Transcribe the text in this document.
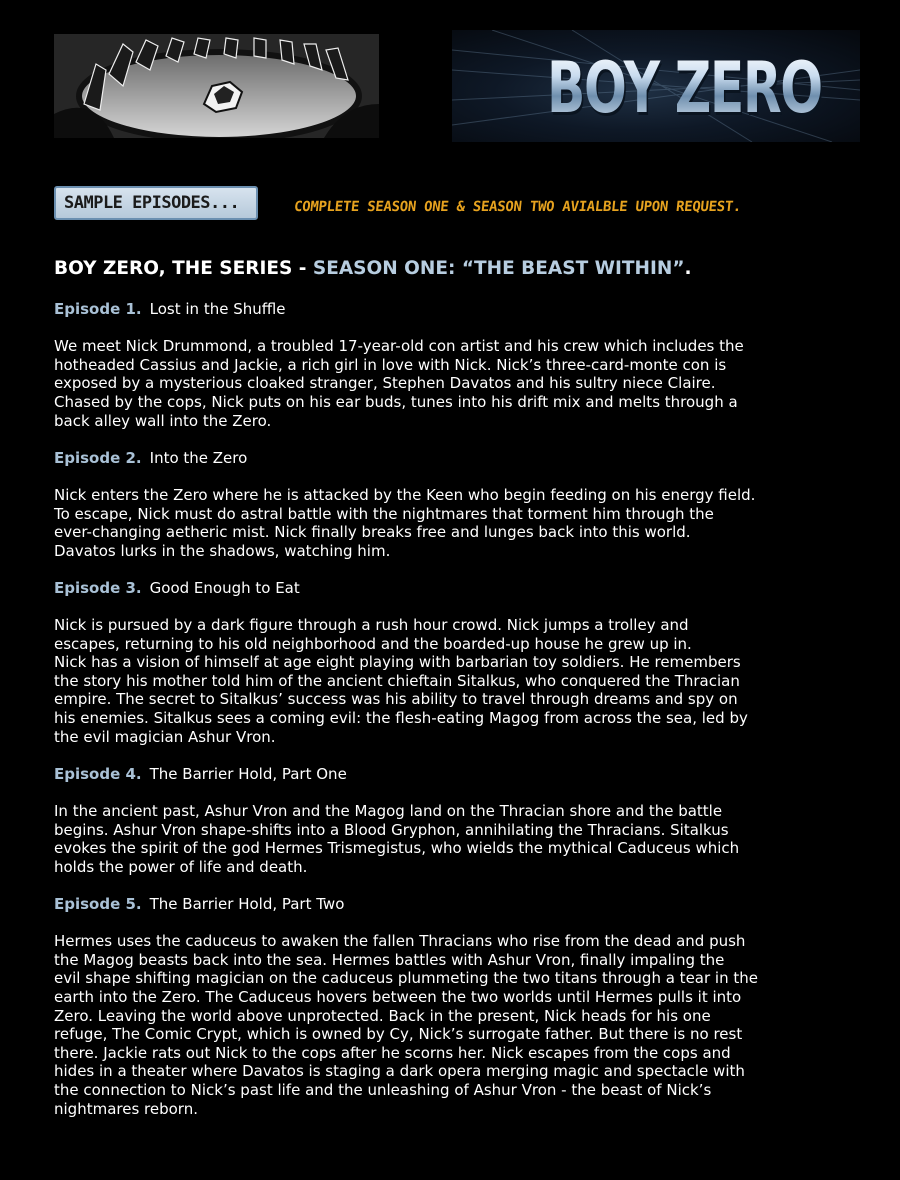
BOY ZERO
SAMPLE EPISODES...	COMPLETE SEASON ONE & SEASON TWO AVIALBLE UPON REQUEST.
BOY ZERO, THE SERIES - SEASON ONE: “THE BEAST WITHIN”.

Episode 1. Lost in the Shuffle

We meet Nick Drummond, a troubled 17-year-old con artist and his crew which includes the
hotheaded Cassius and Jackie, a rich girl in love with Nick. Nick’s three-card-monte con is
exposed by a mysterious cloaked stranger, Stephen Davatos and his sultry niece Claire.
Chased by the cops, Nick puts on his ear buds, tunes into his drift mix and melts through a
back alley wall into the Zero.

Episode 2. Into the Zero

Nick enters the Zero where he is attacked by the Keen who begin feeding on his energy field.
To escape, Nick must do astral battle with the nightmares that torment him through the
ever-changing aetheric mist. Nick finally breaks free and lunges back into this world.
Davatos lurks in the shadows, watching him.

Episode 3. Good Enough to Eat

Nick is pursued by a dark figure through a rush hour crowd. Nick jumps a trolley and
escapes, returning to his old neighborhood and the boarded-up house he grew up in.
Nick has a vision of himself at age eight playing with barbarian toy soldiers. He remembers
the story his mother told him of the ancient chieftain Sitalkus, who conquered the Thracian
empire. The secret to Sitalkus’ success was his ability to travel through dreams and spy on
his enemies. Sitalkus sees a coming evil: the flesh-eating Magog from across the sea, led by
the evil magician Ashur Vron.

Episode 4. The Barrier Hold, Part One

In the ancient past, Ashur Vron and the Magog land on the Thracian shore and the battle
begins. Ashur Vron shape-shifts into a Blood Gryphon, annihilating the Thracians. Sitalkus
evokes the spirit of the god Hermes Trismegistus, who wields the mythical Caduceus which
holds the power of life and death.

Episode 5. The Barrier Hold, Part Two

Hermes uses the caduceus to awaken the fallen Thracians who rise from the dead and push
the Magog beasts back into the sea. Hermes battles with Ashur Vron, finally impaling the
evil shape shifting magician on the caduceus plummeting the two titans through a tear in the
earth into the Zero. The Caduceus hovers between the two worlds until Hermes pulls it into
Zero. Leaving the world above unprotected. Back in the present, Nick heads for his one
refuge, The Comic Crypt, which is owned by Cy, Nick’s surrogate father. But there is no rest
there. Jackie rats out Nick to the cops after he scorns her. Nick escapes from the cops and
hides in a theater where Davatos is staging a dark opera merging magic and spectacle with
the connection to Nick’s past life and the unleashing of Ashur Vron - the beast of Nick’s
nightmares reborn.
